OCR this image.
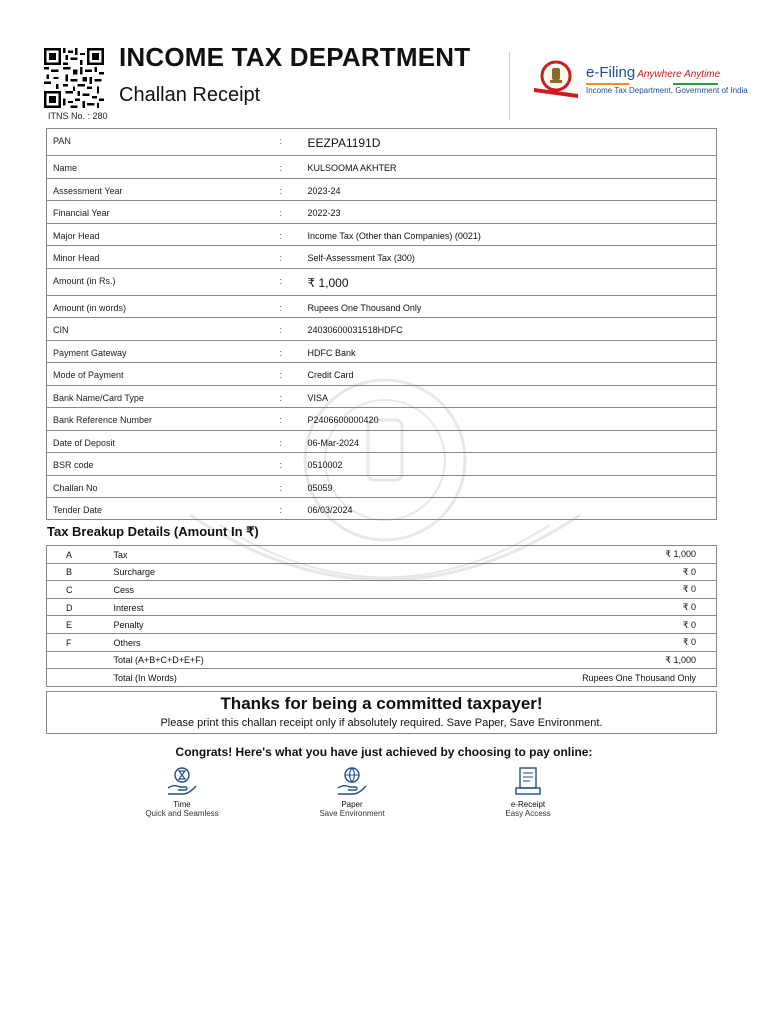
ITNS No. : 280
INCOME TAX DEPARTMENT
Challan Receipt
e-Filing Anywhere Anytime
Income Tax Department, Government of India
PAN	:	EEZPA1191D
Name	:	KULSOOMA AKHTER
Assessment Year	:	2023-24
Financial Year	:	2022-23
Major Head	:	Income Tax (Other than Companies) (0021)
Minor Head	:	Self-Assessment Tax (300)
Amount (in Rs.)	:	₹ 1,000
Amount (in words)	:	Rupees One Thousand Only
CIN	:	24030600031518HDFC
Payment Gateway	:	HDFC Bank
Mode of Payment	:	Credit Card
Bank Name/Card Type	:	VISA
Bank Reference Number	:	P2406600000420
Date of Deposit	:	06-Mar-2024
BSR code	:	0510002
Challan No	:	05059
Tender Date	:	06/03/2024
Tax Breakup Details (Amount In ₹)
A	Tax	₹ 1,000
B	Surcharge	₹ 0
C	Cess	₹ 0
D	Interest	₹ 0
E	Penalty	₹ 0
F	Others	₹ 0
	Total (A+B+C+D+E+F)	₹ 1,000
	Total (In Words)	Rupees One Thousand Only
Thanks for being a committed taxpayer!
Please print this challan receipt only if absolutely required. Save Paper, Save Environment.
Congrats! Here's what you have just achieved by choosing to pay online:
Time
Quick and Seamless
Paper
Save Environment
e-Receipt
Easy Access
